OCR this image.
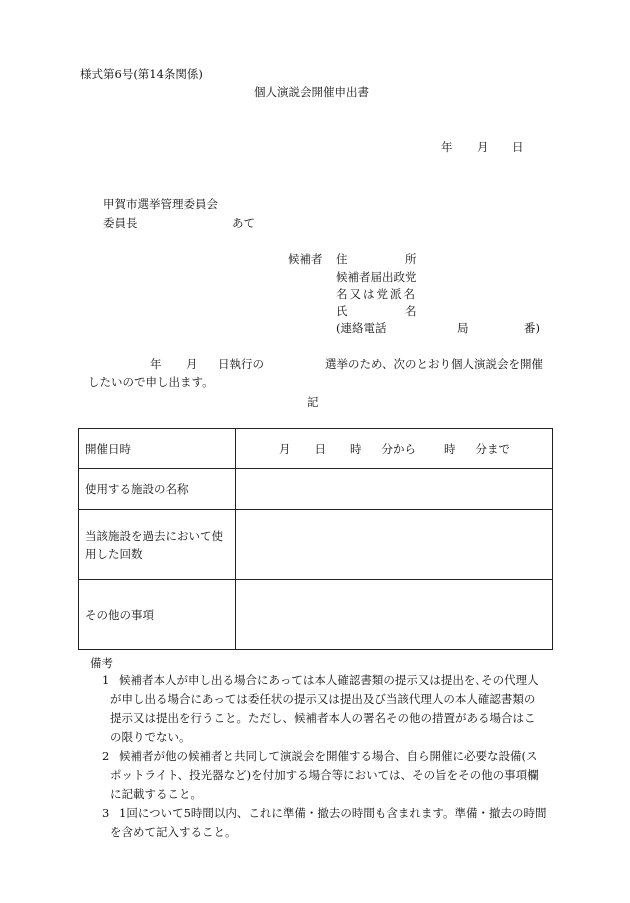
様式第6号(第14条関係)
個人演説会開催申出書
年 月 日
甲賀市選挙管理委員会
委員長	あて
候補者 住　　　　　所
候補者届出政党
名又は党派名
氏　　　　　名
(連絡電話	局	番)
年 月 日執行の	選挙のため、次のとおり個人演説会を開催
したいので申し出ます。
記
開催日時	月 日 時 分から 時 分まで
使用する施設の名称	

当該施設を過去において使
用した回数	

その他の事項	
備考
1 候補者本人が申し出る場合にあっては本人確認書類の提示又は提出を､その代理人
が申し出る場合にあっては委任状の提示又は提出及び当該代理人の本人確認書類の
提示又は提出を行うこと。ただし、候補者本人の署名その他の措置がある場合はこ
の限りでない。
2 候補者が他の候補者と共同して演説会を開催する場合、自ら開催に必要な設備(ス
ポットライト、投光器など)を付加する場合等においては、その旨をその他の事項欄
に記載すること。
3 1回について5時間以内、これに準備・撤去の時間も含まれます。準備・撤去の時間
を含めて記入すること。
